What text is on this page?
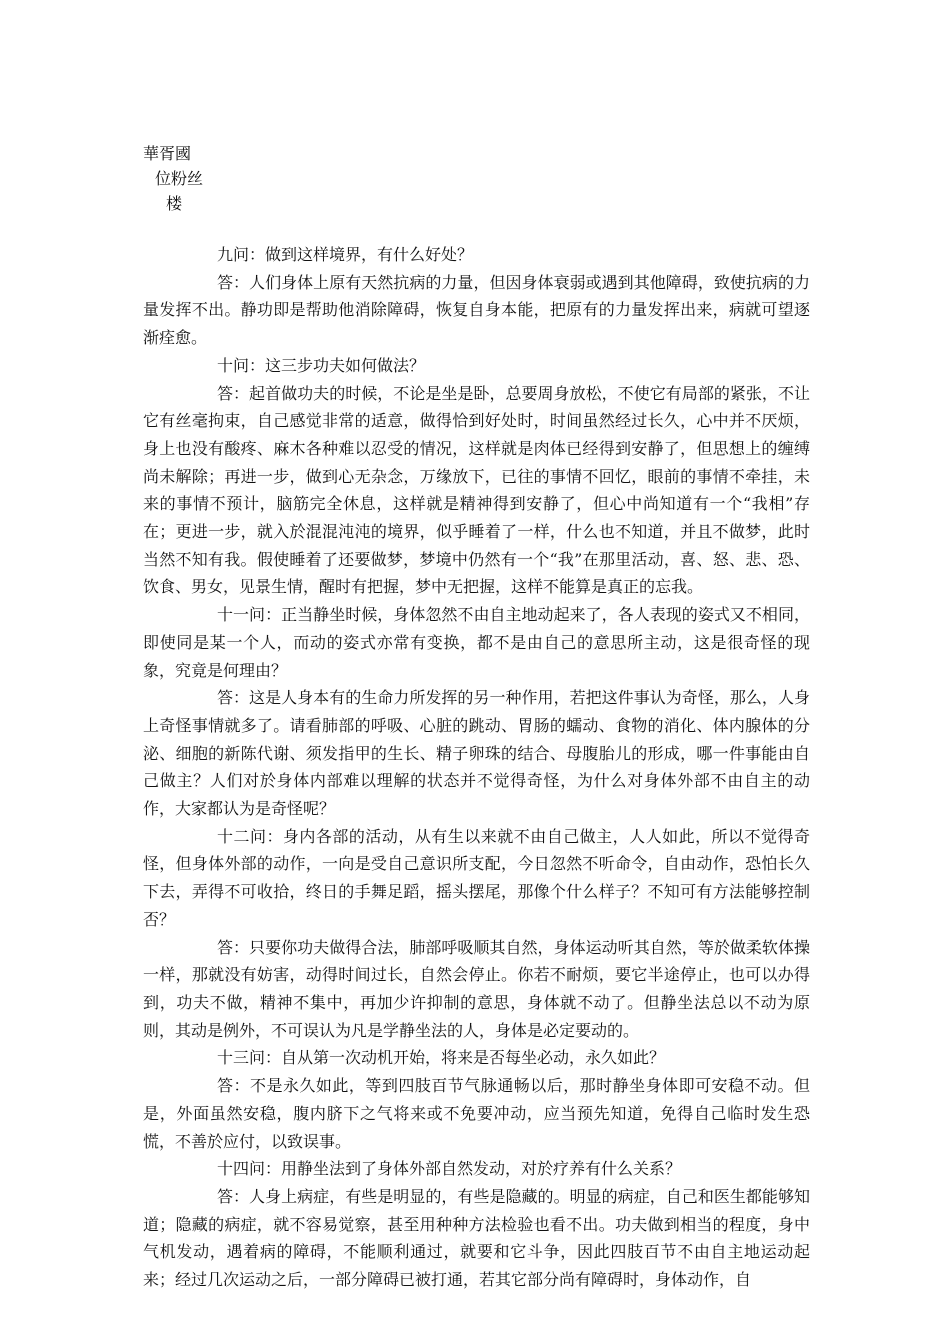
華胥國
位粉丝
楼

九问：做到这样境界，有什么好处？

答：人们身体上原有天然抗病的力量，但因身体衰弱或遇到其他障碍，致使抗病的力量发挥不出。静功即是帮助他消除障碍，恢复自身本能，把原有的力量发挥出来，病就可望逐渐痊愈。

十问：这三步功夫如何做法？

答：起首做功夫的时候，不论是坐是卧，总要周身放松，不使它有局部的紧张，不让它有丝毫拘束，自己感觉非常的适意，做得恰到好处时，时间虽然经过长久，心中并不厌烦，身上也没有酸疼、麻木各种难以忍受的情况，这样就是肉体已经得到安静了，但思想上的缠缚尚未解除；再进一步，做到心无杂念，万缘放下，已往的事情不回忆，眼前的事情不牵挂，未来的事情不预计，脑筋完全休息，这样就是精神得到安静了，但心中尚知道有一个“我相”存在；更进一步，就入於混混沌沌的境界，似乎睡着了一样，什么也不知道，并且不做梦，此时当然不知有我。假使睡着了还要做梦，梦境中仍然有一个“我”在那里活动，喜、怒、悲、恐、饮食、男女，见景生情，醒时有把握，梦中无把握，这样不能算是真正的忘我。

十一问：正当静坐时候，身体忽然不由自主地动起来了，各人表现的姿式又不相同，即使同是某一个人，而动的姿式亦常有变换，都不是由自己的意思所主动，这是很奇怪的现象，究竟是何理由？

答：这是人身本有的生命力所发挥的另一种作用，若把这件事认为奇怪，那么，人身上奇怪事情就多了。请看肺部的呼吸、心脏的跳动、胃肠的蠕动、食物的消化、体内腺体的分泌、细胞的新陈代谢、须发指甲的生长、精子卵珠的结合、母腹胎儿的形成，哪一件事能由自己做主？人们对於身体内部难以理解的状态并不觉得奇怪，为什么对身体外部不由自主的动作，大家都认为是奇怪呢？

十二问：身内各部的活动，从有生以来就不由自己做主，人人如此，所以不觉得奇怪，但身体外部的动作，一向是受自己意识所支配，今日忽然不听命令，自由动作，恐怕长久下去，弄得不可收拾，终日的手舞足蹈，摇头摆尾，那像个什么样子？不知可有方法能够控制否？

答：只要你功夫做得合法，肺部呼吸顺其自然，身体运动听其自然，等於做柔软体操一样，那就没有妨害，动得时间过长，自然会停止。你若不耐烦，要它半途停止，也可以办得到，功夫不做，精神不集中，再加少许抑制的意思，身体就不动了。但静坐法总以不动为原则，其动是例外，不可误认为凡是学静坐法的人，身体是必定要动的。

十三问：自从第一次动机开始，将来是否每坐必动，永久如此？

答：不是永久如此，等到四肢百节气脉通畅以后，那时静坐身体即可安稳不动。但是，外面虽然安稳，腹内脐下之气将来或不免要冲动，应当预先知道，免得自己临时发生恐慌，不善於应付，以致误事。

十四问：用静坐法到了身体外部自然发动，对於疗养有什么关系？

答：人身上病症，有些是明显的，有些是隐藏的。明显的病症，自己和医生都能够知道；隐藏的病症，就不容易觉察，甚至用种种方法检验也看不出。功夫做到相当的程度，身中气机发动，遇着病的障碍，不能顺利通过，就要和它斗争，因此四肢百节不由自主地运动起来；经过几次运动之后，一部分障碍已被打通，若其它部分尚有障碍时，身体动作，自
